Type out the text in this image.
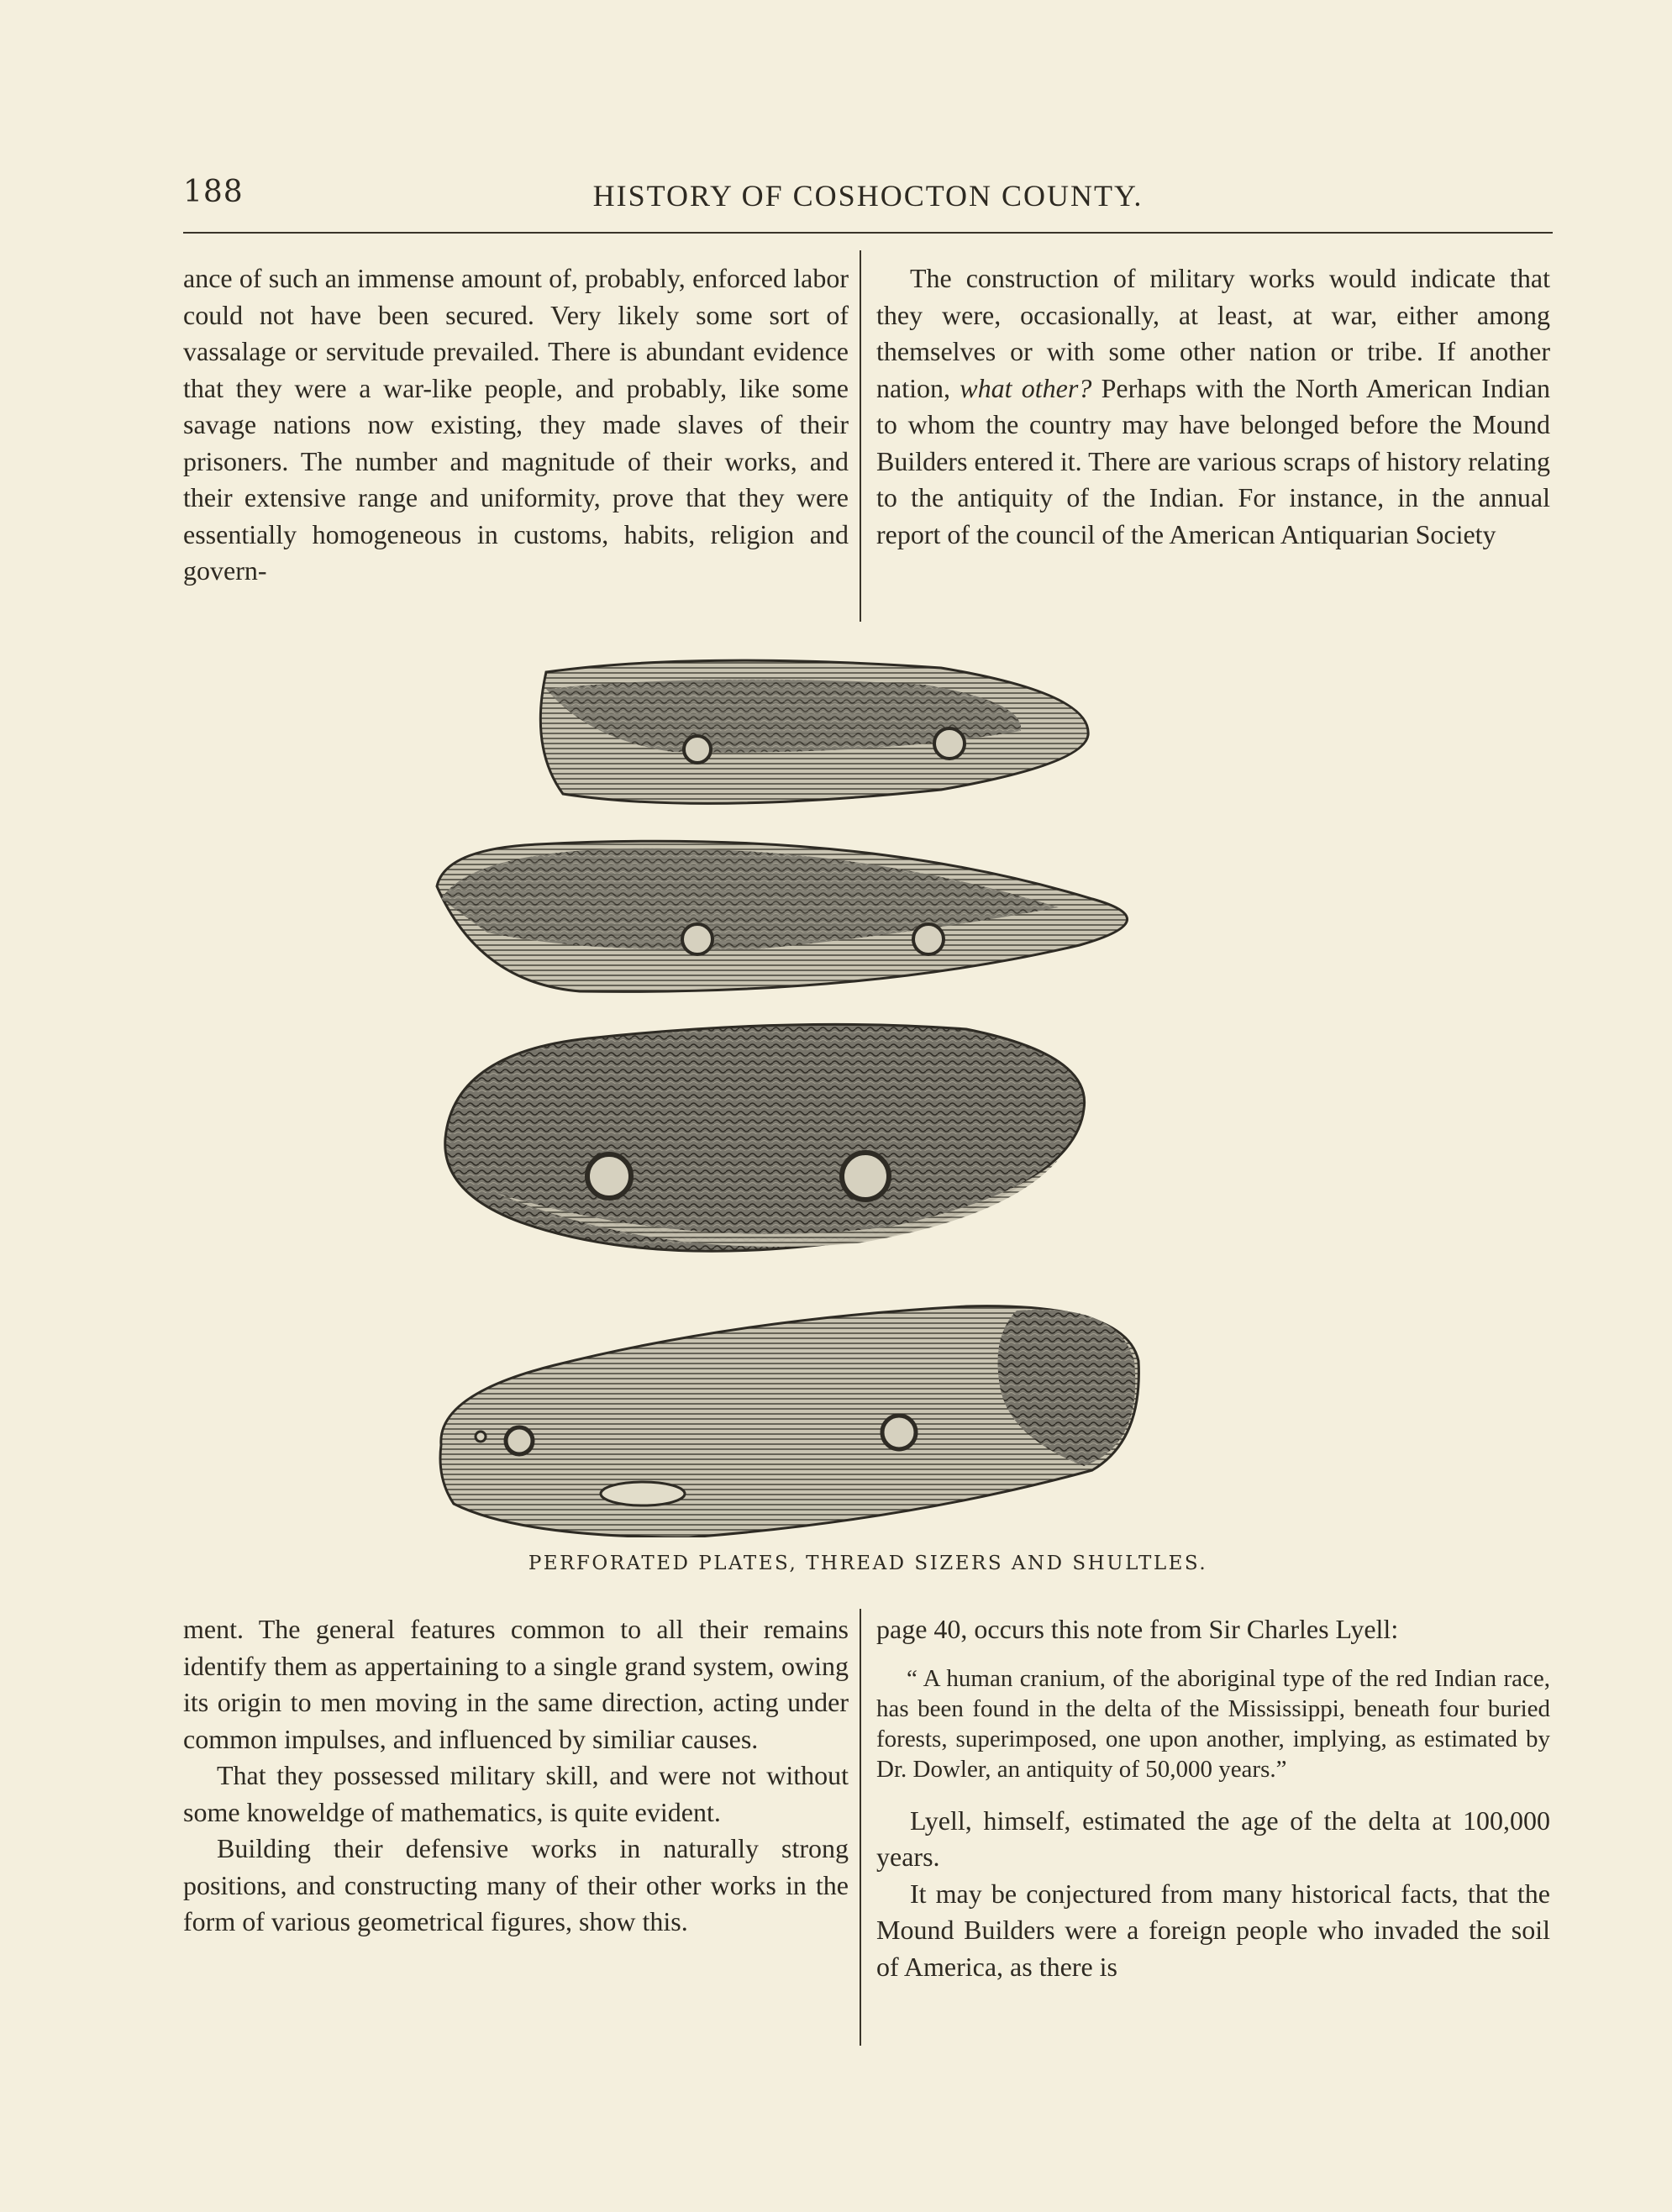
188	HISTORY OF COSHOCTON COUNTY.

ance of such an immense amount of, probably, enforced labor could not have been secured. Very likely some sort of vassalage or servitude prevailed. There is abundant evidence that they were a war-like people, and probably, like some savage nations now existing, they made slaves of their prisoners. The number and magnitude of their works, and their extensive range and uniformity, prove that they were essentially homogeneous in customs, habits, religion and govern-

The construction of military works would indicate that they were, occasionally, at least, at war, either among themselves or with some other nation or tribe. If another nation, what other? Perhaps with the North American Indian to whom the country may have belonged before the Mound Builders entered it. There are various scraps of history relating to the antiquity of the Indian. For instance, in the annual report of the council of the American Antiquarian Society

PERFORATED PLATES, THREAD SIZERS AND SHULTLES.

ment. The general features common to all their remains identify them as appertaining to a single grand system, owing its origin to men moving in the same direction, acting under common impulses, and influenced by similiar causes.

That they possessed military skill, and were not without some knoweldge of mathematics, is quite evident.

Building their defensive works in naturally strong positions, and constructing many of their other works in the form of various geometrical figures, show this.

page 40, occurs this note from Sir Charles Lyell:

“ A human cranium, of the aboriginal type of the red Indian race, has been found in the delta of the Mississippi, beneath four buried forests, superimposed, one upon another, implying, as estimated by Dr. Dowler, an antiquity of 50,000 years.”

Lyell, himself, estimated the age of the delta at 100,000 years.

It may be conjectured from many historical facts, that the Mound Builders were a foreign people who invaded the soil of America, as there is
